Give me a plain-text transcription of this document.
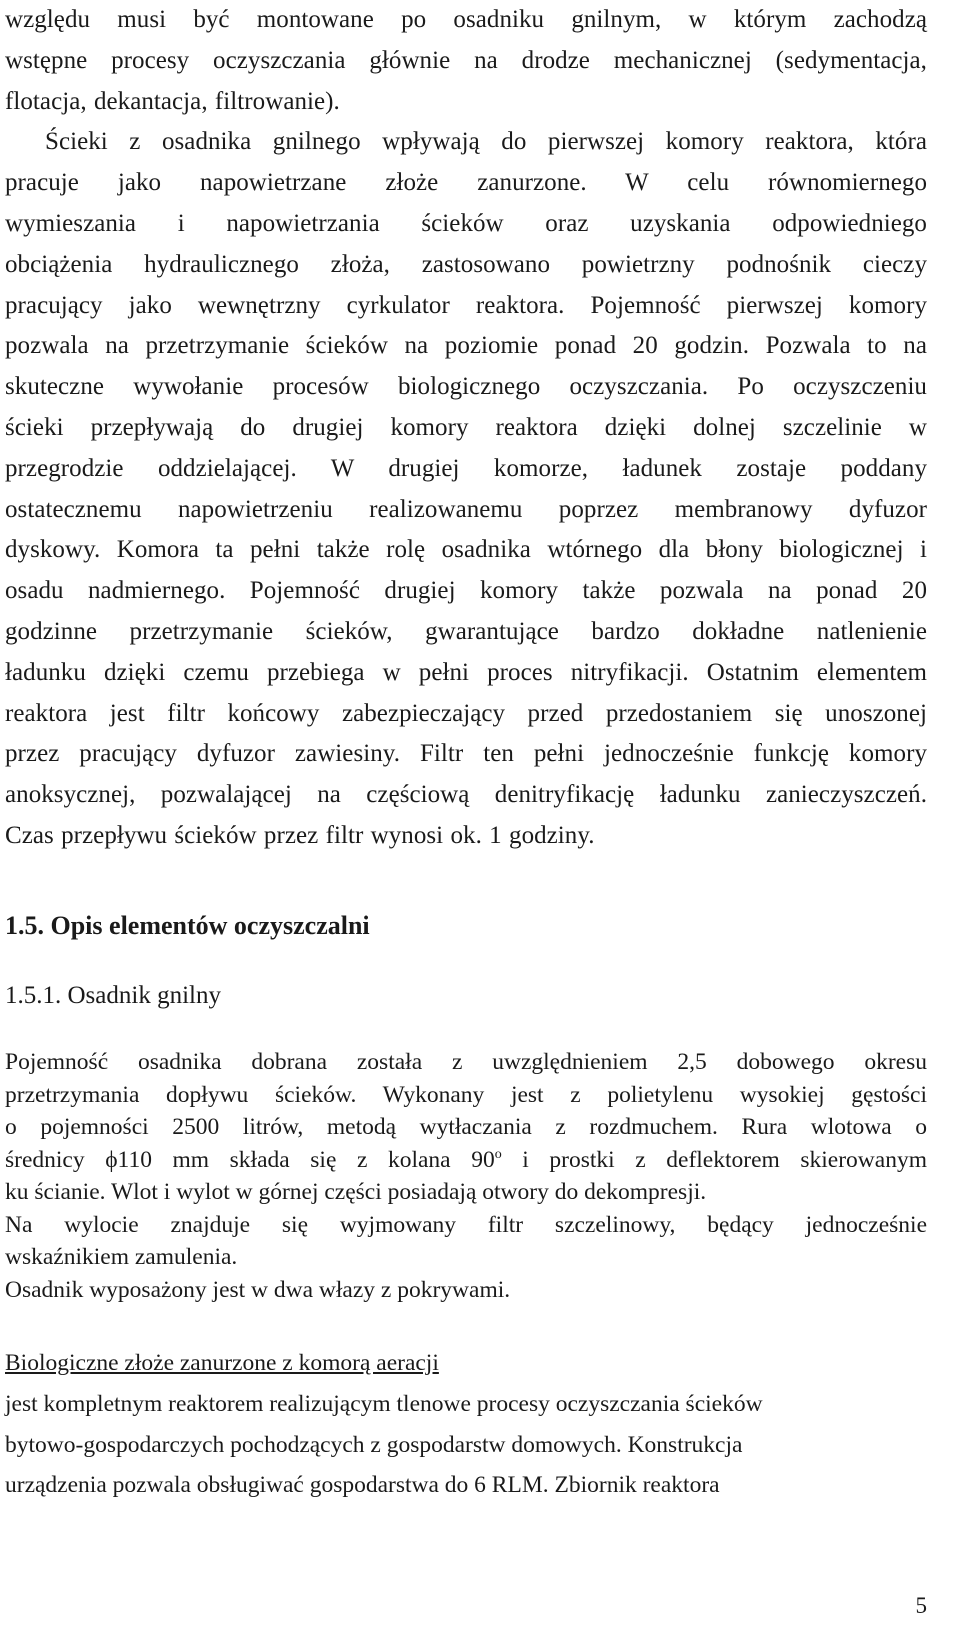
względu musi być montowane po osadniku gnilnym, w którym zachodzą

wstępne procesy oczyszczania głównie na drodze mechanicznej (sedymentacja,

flotacja, dekantacja, filtrowanie).

Ścieki z osadnika gnilnego wpływają do pierwszej komory reaktora, która

pracuje jako napowietrzane złoże zanurzone. W celu równomiernego

wymieszania i napowietrzania ścieków oraz uzyskania odpowiedniego

obciążenia hydraulicznego złoża, zastosowano powietrzny podnośnik cieczy

pracujący jako wewnętrzny cyrkulator reaktora. Pojemność pierwszej komory

pozwala na przetrzymanie ścieków na poziomie ponad 20 godzin. Pozwala to na

skuteczne wywołanie procesów biologicznego oczyszczania. Po oczyszczeniu

ścieki przepływają do drugiej komory reaktora dzięki dolnej szczelinie w

przegrodzie oddzielającej. W drugiej komorze, ładunek zostaje poddany

ostatecznemu napowietrzeniu realizowanemu poprzez membranowy dyfuzor

dyskowy. Komora ta pełni także rolę osadnika wtórnego dla błony biologicznej i

osadu nadmiernego. Pojemność drugiej komory także pozwala na ponad 20

godzinne przetrzymanie ścieków, gwarantujące bardzo dokładne natlenienie

ładunku dzięki czemu przebiega w pełni proces nitryfikacji. Ostatnim elementem

reaktora jest filtr końcowy zabezpieczający przed przedostaniem się unoszonej

przez pracujący dyfuzor zawiesiny. Filtr ten pełni jednocześnie funkcję komory

anoksycznej, pozwalającej na częściową denitryfikację ładunku zanieczyszczeń.

Czas przepływu ścieków przez filtr wynosi ok. 1 godziny.

1.5. Opis elementów oczyszczalni
1.5.1. Osadnik gnilny

Pojemność osadnika dobrana została z uwzględnieniem 2,5 dobowego okresu

przetrzymania dopływu ścieków. Wykonany jest z polietylenu wysokiej gęstości

o pojemności 2500 litrów, metodą wytłaczania z rozdmuchem. Rura wlotowa o

średnicy ϕ110 mm składa się z kolana 90$^o$ i prostki z deflektorem skierowanym

ku ścianie. Wlot i wylot w górnej części posiadają otwory do dekompresji.

Na wylocie znajduje się wyjmowany filtr szczelinowy, będący jednocześnie

wskaźnikiem zamulenia.

Osadnik wyposażony jest w dwa włazy z pokrywami.

Biologiczne złoże zanurzone z komorą aeracji

jest kompletnym reaktorem realizującym tlenowe procesy oczyszczania ścieków

bytowo-gospodarczych pochodzących z gospodarstw domowych. Konstrukcja

urządzenia pozwala obsługiwać gospodarstwa do 6 RLM. Zbiornik reaktora

5
